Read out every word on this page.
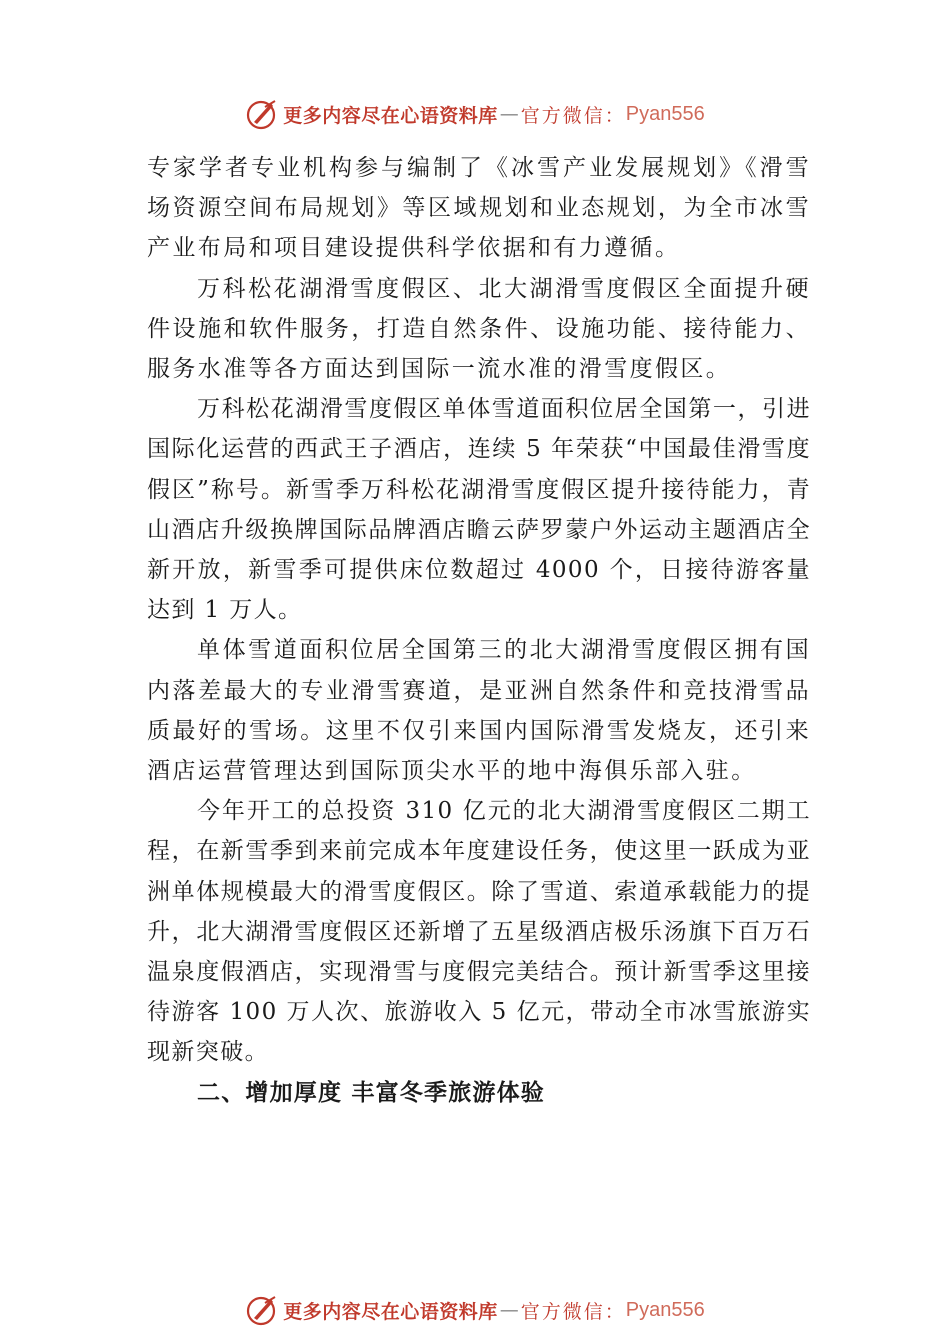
更多内容尽在心语资料库 — 官方微信： Pyan556

专家学者专业机构参与编制了《冰雪产业发展规划》《滑雪场资源空间布局规划》等区域规划和业态规划，为全市冰雪产业布局和项目建设提供科学依据和有力遵循。

万科松花湖滑雪度假区、北大湖滑雪度假区全面提升硬件设施和软件服务，打造自然条件、设施功能、接待能力、 服务水准等各方面达到国际一流水准的滑雪度假区。

万科松花湖滑雪度假区单体雪道面积位居全国第一，引进国际化运营的西武王子酒店，连续 5 年荣获“中国最佳滑雪度假区”称号。新雪季万科松花湖滑雪度假区提升接待能力，青山酒店升级换牌国际品牌酒店瞻云萨罗蒙户外运动主题酒店全新开放，新雪季可提供床位数超过 4000 个，日接待游客量达到 1 万人。

单体雪道面积位居全国第三的北大湖滑雪度假区拥有国内落差最大的专业滑雪赛道，是亚洲自然条件和竞技滑雪品质最好的雪场。这里不仅引来国内国际滑雪发烧友，还引来酒店运营管理达到国际顶尖水平的地中海俱乐部入驻。

今年开工的总投资 310 亿元的北大湖滑雪度假区二期工程，在新雪季到来前完成本年度建设任务，使这里一跃成为亚洲单体规模最大的滑雪度假区。除了雪道、索道承载能力的提升，北大湖滑雪度假区还新增了五星级酒店极乐汤旗下百万石温泉度假酒店，实现滑雪与度假完美结合。预计新雪季这里接待游客 100 万人次、旅游收入 5 亿元，带动全市冰雪旅游实现新突破。

二、增加厚度 丰富冬季旅游体验

更多内容尽在心语资料库 — 官方微信： Pyan556
